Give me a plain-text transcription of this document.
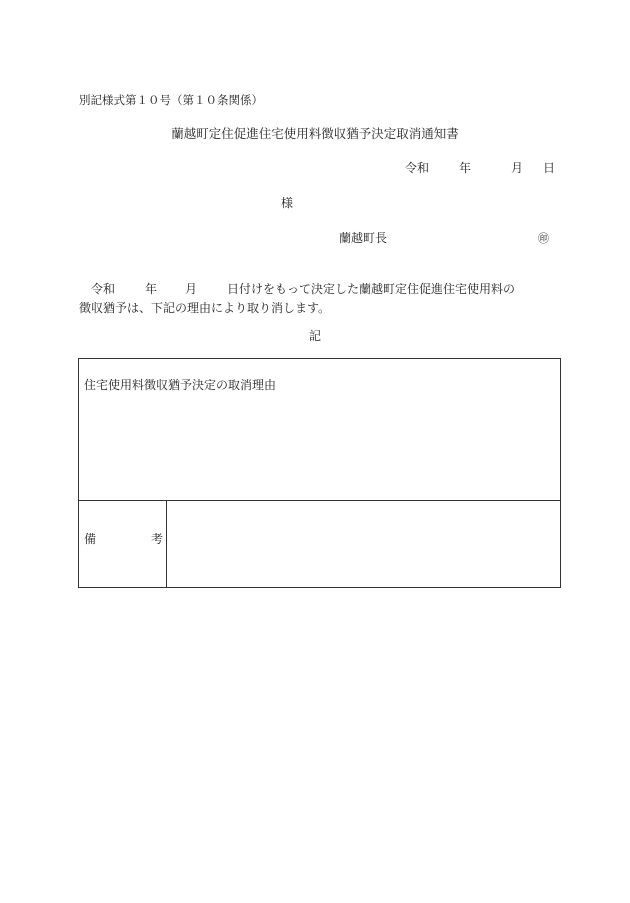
別記様式第１０号（第１０条関係）
蘭越町定住促進住宅使用料徴収猶予決定取消通知書
令和	年	月 日
様
蘭越町長	㊞
令和	年 月	日付けをもって決定した蘭越町定住促進住宅使用料の
徴収猶予は、下記の理由により取り消します。
記
住宅使用料徴収猶予決定の取消理由
備	考
